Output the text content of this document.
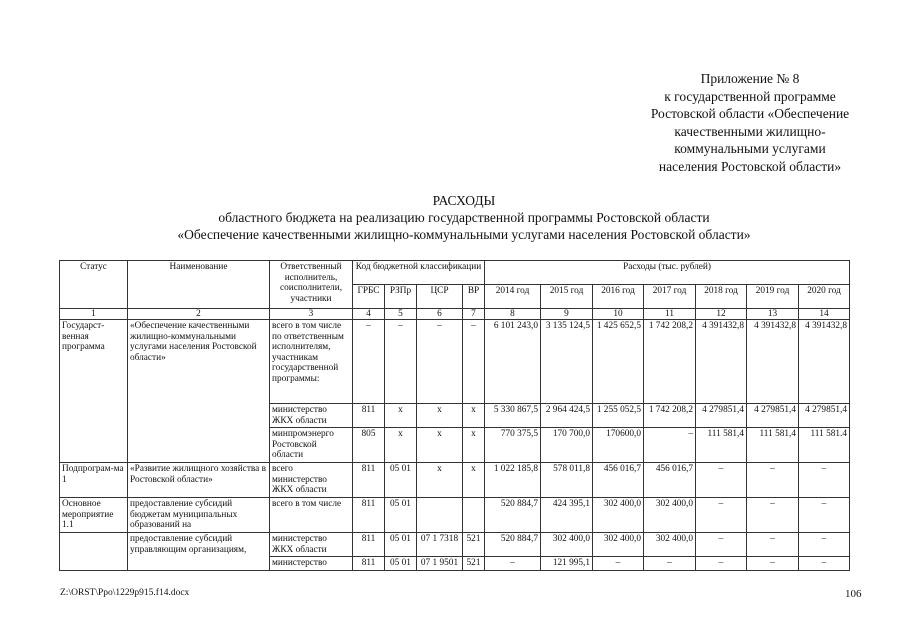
Приложение № 8
к государственной программе
Ростовской области «Обеспечение
качественными жилищно-
коммунальными услугами
населения Ростовской области»
РАСХОДЫ
областного бюджета на реализацию государственной программы Ростовской области
«Обеспечение качественными жилищно-коммунальными услугами населения Ростовской области»
Статус	Наименование	Ответственный исполнитель, соисполнители, участники	Код бюджетной классификации				Расходы (тыс. рублей)						
			ГРБС	РЗПр	ЦСР	ВР	2014 год	2015 год	2016 год	2017 год	2018 год	2019 год	2020 год
1	2	3	4	5	6	7	8	9	10	11	12	13	14
Государст-венная программа	«Обеспечение качественными жилищно-коммунальными услугами населения Ростовской области»	всего в том числе по ответственным исполнителям, участникам государственной программы:	–	–	–	–	6 101 243,0	3 135 124,5	1 425 652,5	1 742 208,2	4 391432,8	4 391432,8	4 391432,8
		министерство ЖКХ области	811	х	х	х	5 330 867,5	2 964 424,5	1 255 052,5	1 742 208,2	4 279851,4	4 279851,4	4 279851,4
		минпромэнерго Ростовской области	805	х	х	х	770 375,5	170 700,0	170600,0	–	111 581,4	111 581,4	111 581.4
Подпрограм-ма 1	«Развитие жилищного хозяйства в Ростовской области»	всего министерство ЖКХ области	811	05 01	х	х	1 022 185,8	578 011,8	456 016,7	456 016,7	–	–	–
Основное мероприятие 1.1	предоставление субсидий бюджетам муниципальных образований на	всего в том числе	811	05 01			520 884,7	424 395,1	302 400,0	302 400,0	–	–	–
	предоставление субсидий управляющим организациям,	министерство ЖКХ области	811	05 01	07 1 7318	521	520 884,7	302 400,0	302 400,0	302 400,0	–	–	–
		министерство	811	05 01	07 1 9501	521	–	121 995,1	–	–	–	–	–
Z:\ORST\Ppo\1229p915.f14.docx	106
